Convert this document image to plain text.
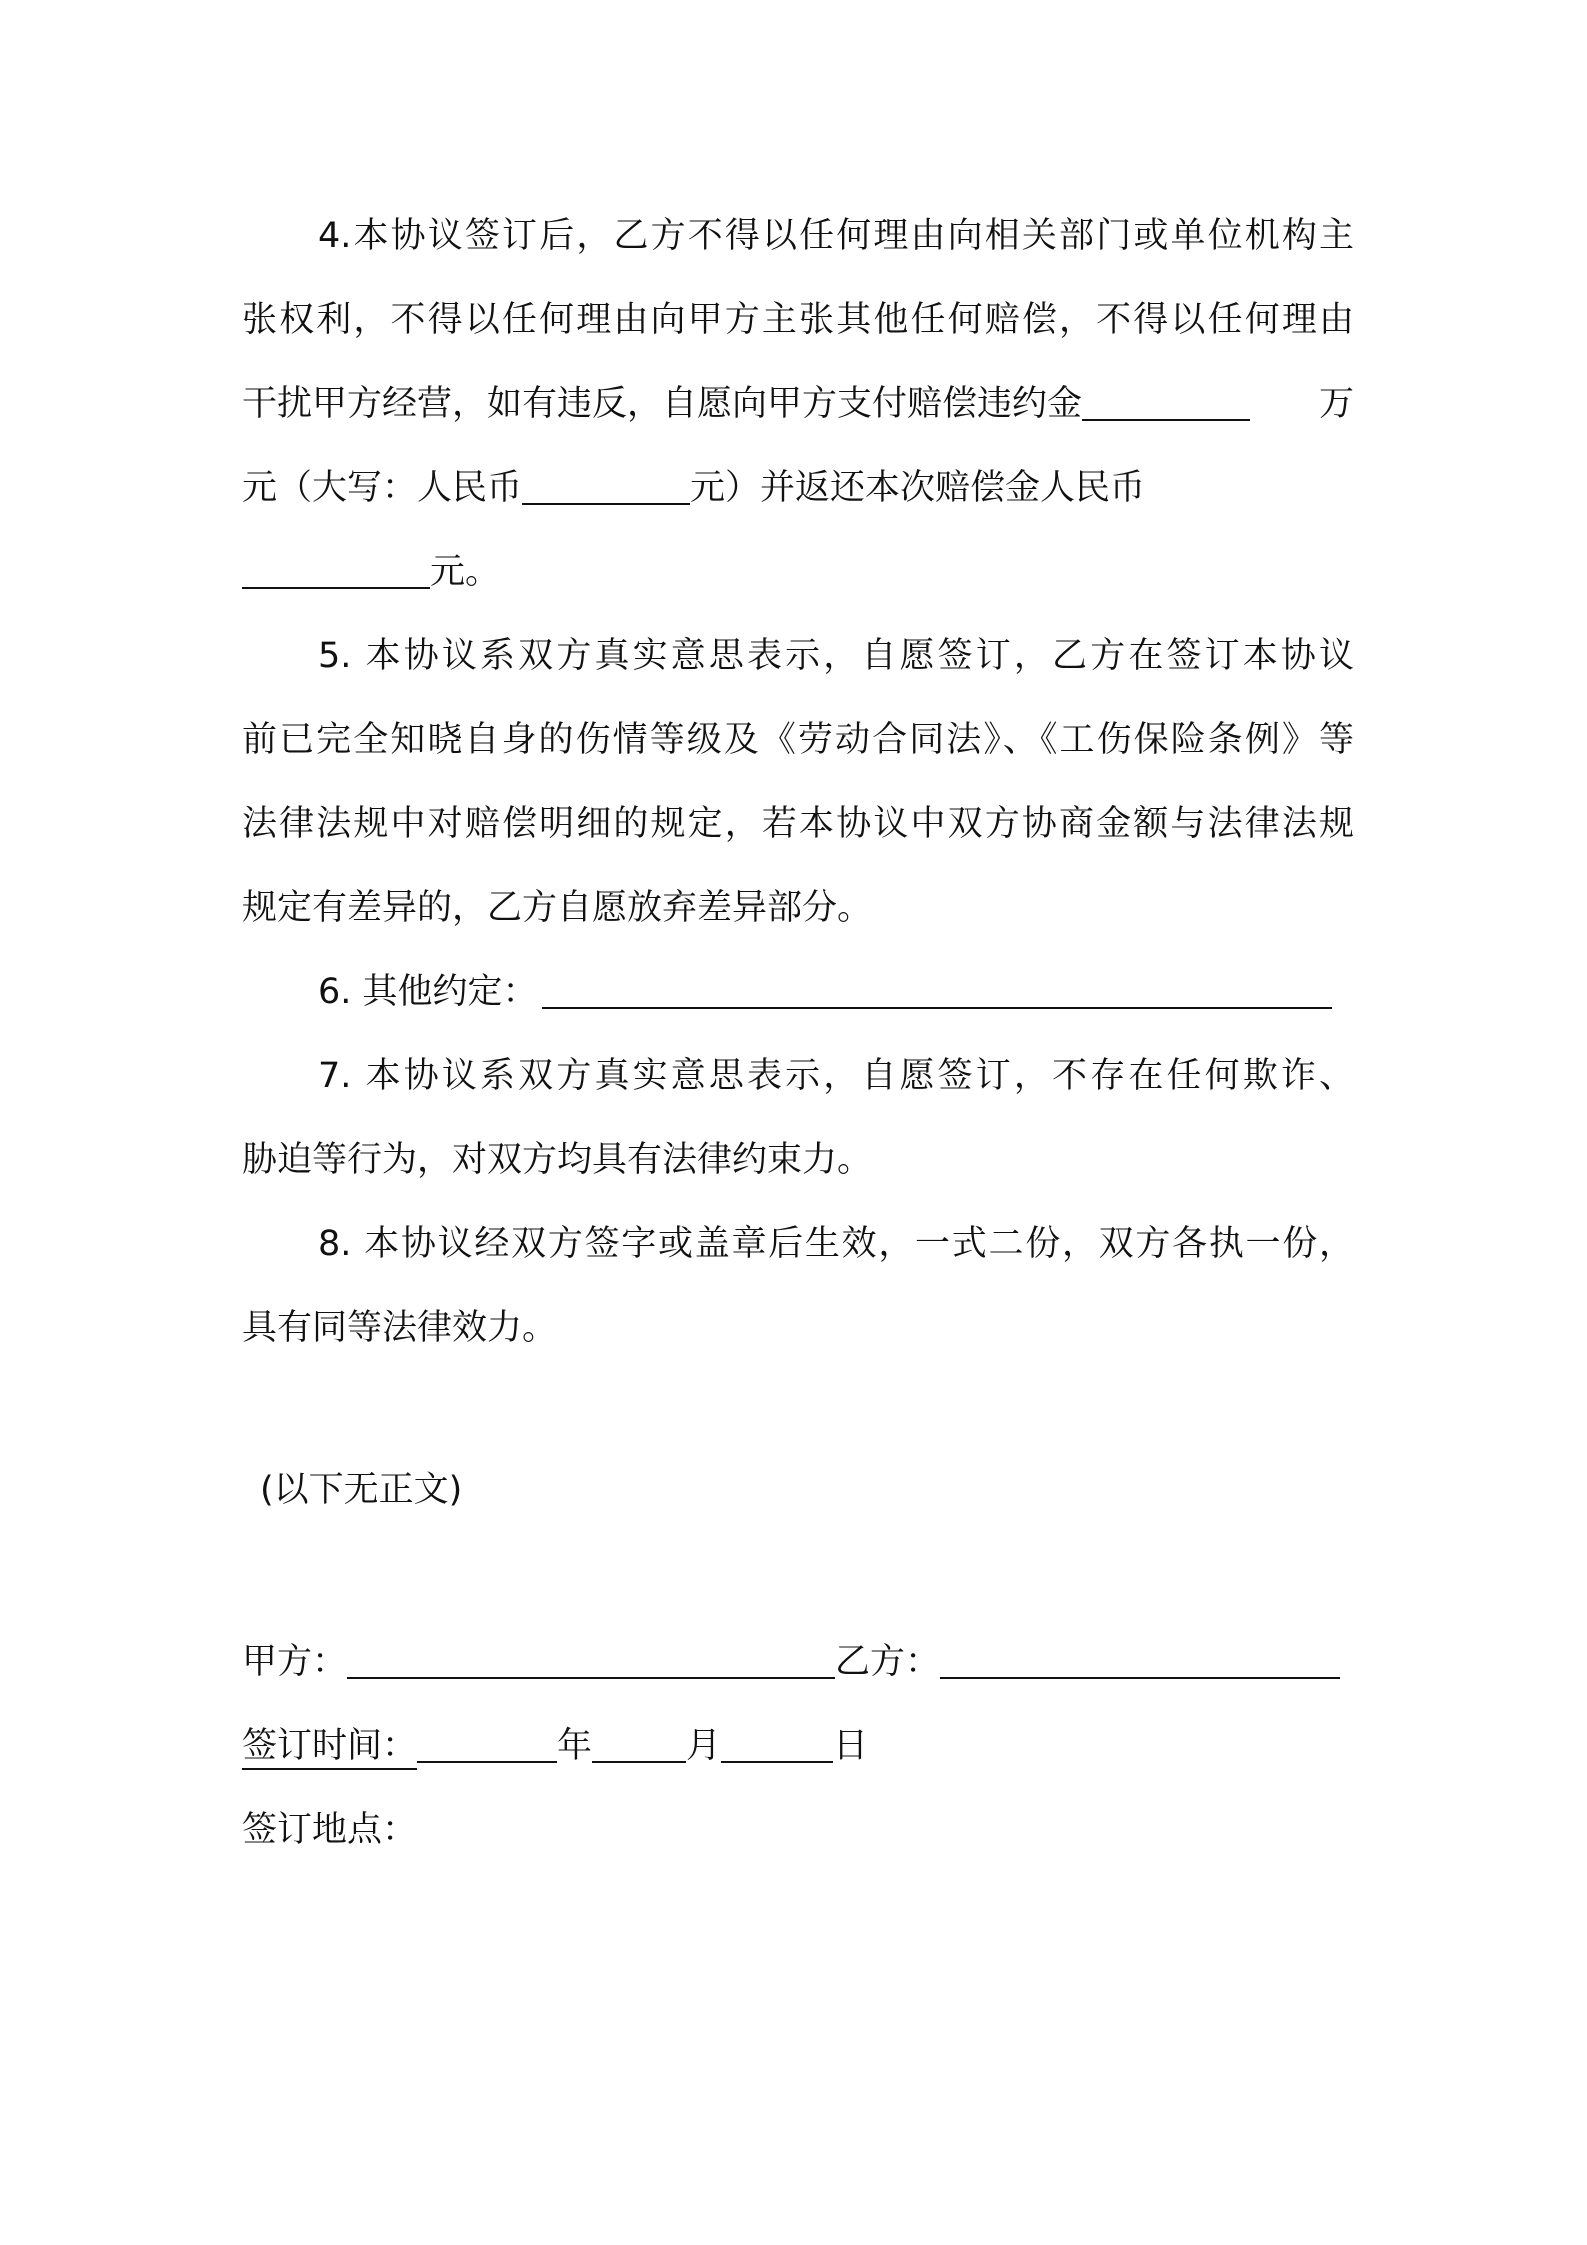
4.本协议签订后，乙方不得以任何理由向相关部门或单位机构主
张权利，不得以任何理由向甲方主张其他任何赔偿，不得以任何理由
干扰甲方经营，如有违反，自愿向甲方支付赔偿违约金	万
元（大写：人民币	元）并返还本次赔偿金人民币
元。
5. 本协议系双方真实意思表示，自愿签订，乙方在签订本协议
前已完全知晓自身的伤情等级及《劳动合同法》、《工伤保险条例》等
法律法规中对赔偿明细的规定，若本协议中双方协商金额与法律法规
规定有差异的，乙方自愿放弃差异部分。
6. 其他约定：
7. 本协议系双方真实意思表示，自愿签订，不存在任何欺诈、
胁迫等行为，对双方均具有法律约束力。
8. 本协议经双方签字或盖章后生效，一式二份，双方各执一份，
具有同等法律效力。
(以下无正文)
甲方：	乙方：
签订时间：	年	月	日
签订地点：
